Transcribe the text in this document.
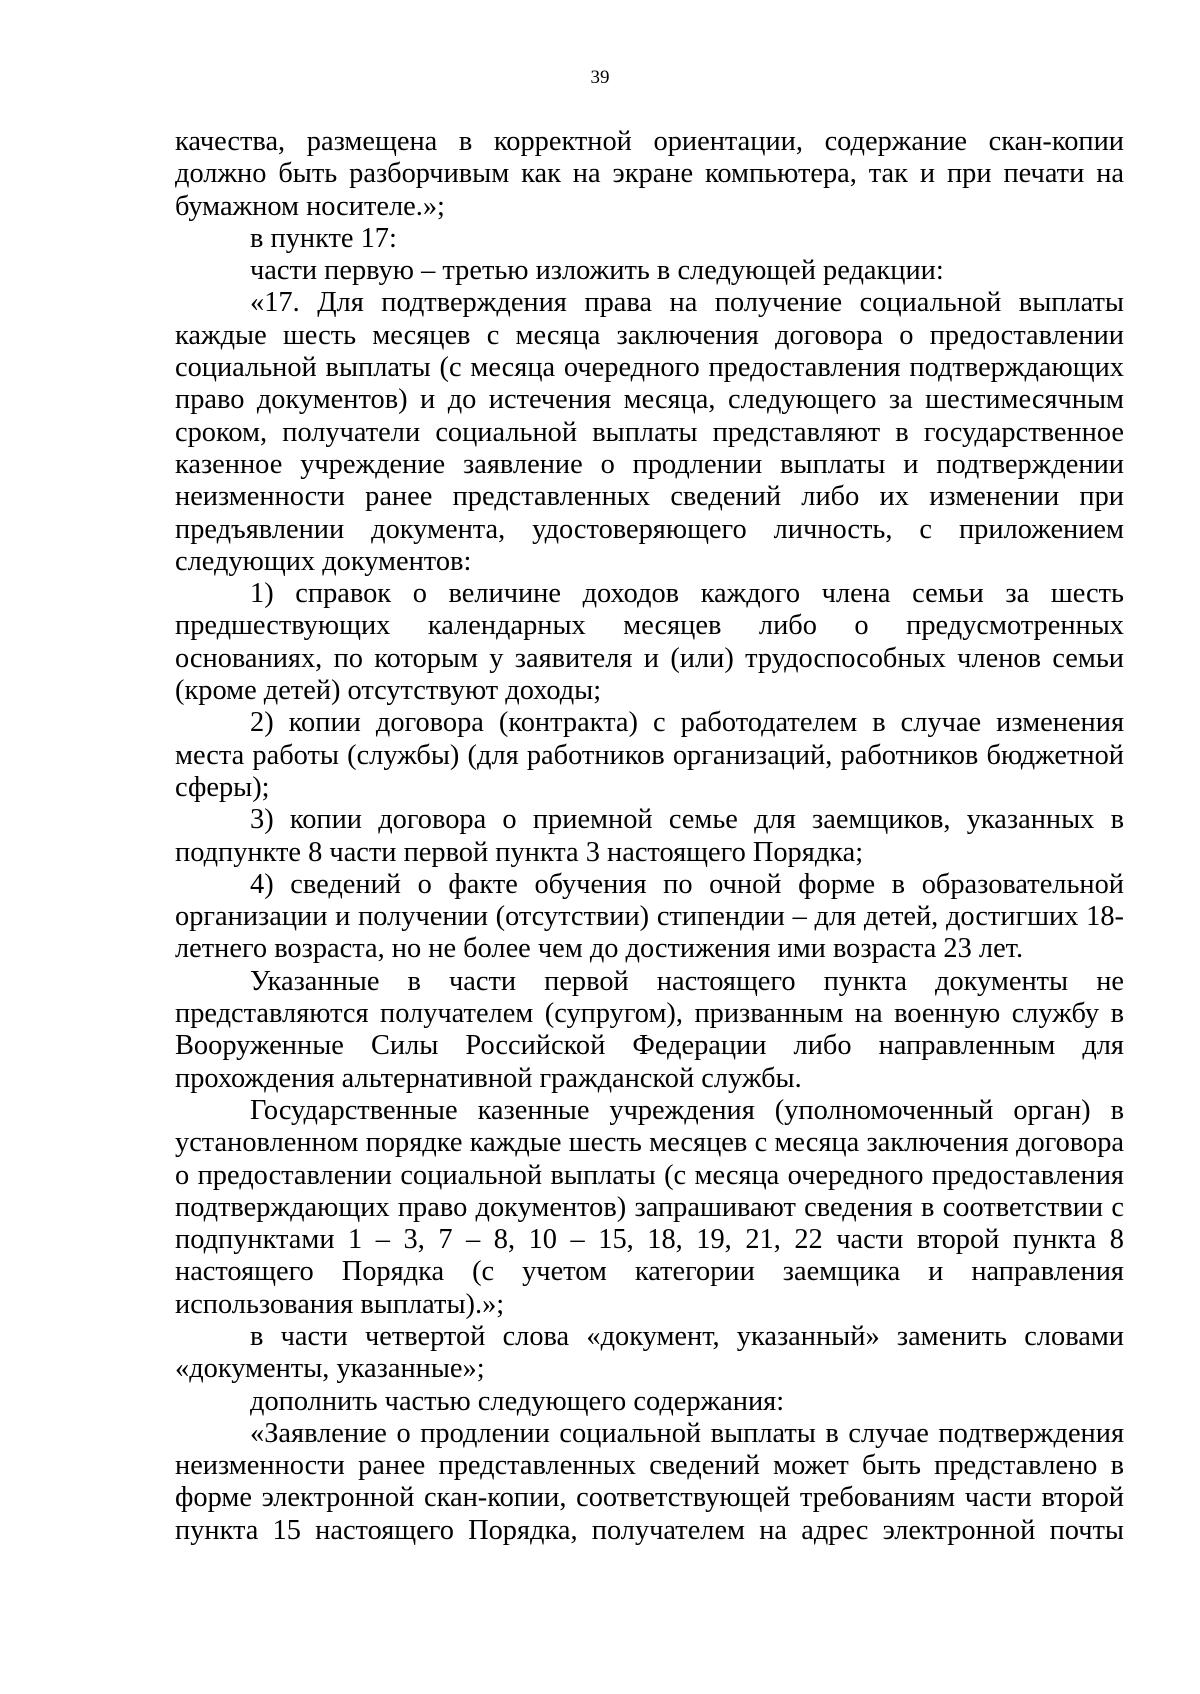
39

качества, размещена в корректной ориентации, содержание скан-копии должно быть разборчивым как на экране компьютера, так и при печати на бумажном носителе.»;

в пункте 17:

части первую – третью изложить в следующей редакции:

«17. Для подтверждения права на получение социальной выплаты каждые шесть месяцев с месяца заключения договора о предоставлении социальной выплаты (с месяца очередного предоставления подтверждающих право документов) и до истечения месяца, следующего за шестимесячным сроком, получатели социальной выплаты представляют в государственное казенное учреждение заявление о продлении выплаты и подтверждении неизменности ранее представленных сведений либо их изменении при предъявлении документа, удостоверяющего личность, с приложением следующих документов:

1) справок о величине доходов каждого члена семьи за шесть предшествующих календарных месяцев либо о предусмотренных основаниях, по которым у заявителя и (или) трудоспособных членов семьи (кроме детей) отсутствуют доходы;

2) копии договора (контракта) с работодателем в случае изменения места работы (службы) (для работников организаций, работников бюджетной сферы);

3) копии договора о приемной семье для заемщиков, указанных в подпункте 8 части первой пункта 3 настоящего Порядка;

4) сведений о факте обучения по очной форме в образовательной организации и получении (отсутствии) стипендии – для детей, достигших 18-летнего возраста, но не более чем до достижения ими возраста 23 лет.

Указанные в части первой настоящего пункта документы не представляются получателем (супругом), призванным на военную службу в Вооруженные Силы Российской Федерации либо направленным для прохождения альтернативной гражданской службы.

Государственные казенные учреждения (уполномоченный орган) в установленном порядке каждые шесть месяцев с месяца заключения договора о предоставлении социальной выплаты (с месяца очередного предоставления подтверждающих право документов) запрашивают сведения в соответствии с подпунктами 1 – 3, 7 – 8, 10 – 15, 18, 19, 21, 22 части второй пункта 8 настоящего Порядка (с учетом категории заемщика и направления использования выплаты).»;

в части четвертой слова «документ, указанный» заменить словами «документы, указанные»;

дополнить частью следующего содержания:

«Заявление о продлении социальной выплаты в случае подтверждения неизменности ранее представленных сведений может быть представлено в форме электронной скан-копии, соответствующей требованиям части второй пункта 15 настоящего Порядка, получателем на адрес электронной почты
